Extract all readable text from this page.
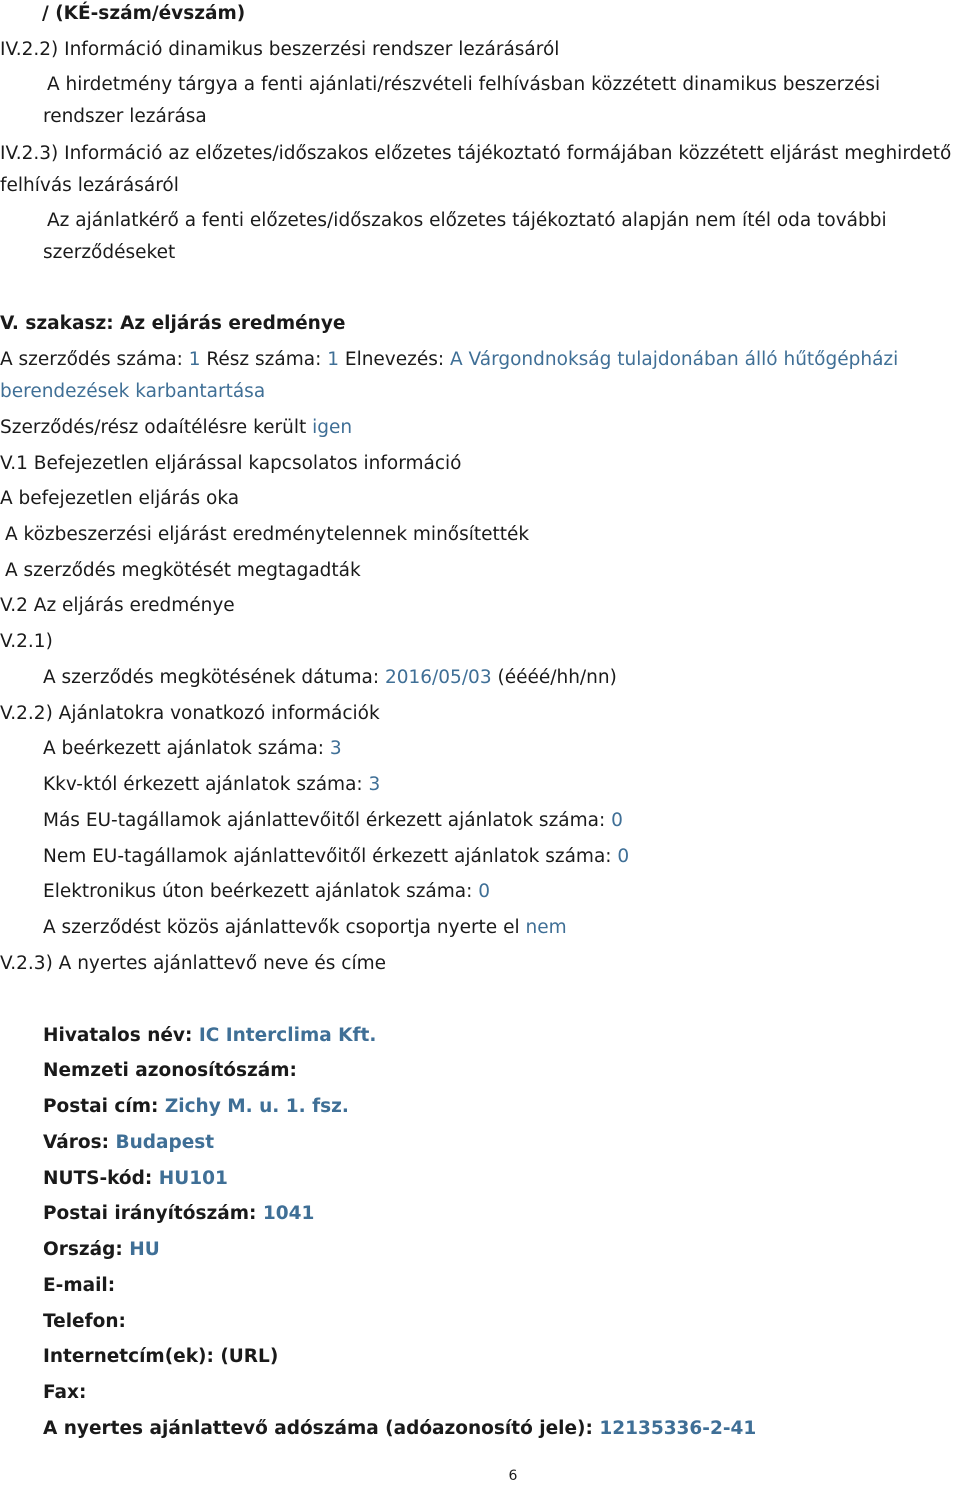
/ (KÉ-szám/évszám)
IV.2.2) Információ dinamikus beszerzési rendszer lezárásáról
A hirdetmény tárgya a fenti ajánlati/részvételi felhívásban közzétett dinamikus beszerzési
rendszer lezárása
IV.2.3) Információ az előzetes/időszakos előzetes tájékoztató formájában közzétett eljárást meghirdető
felhívás lezárásáról
Az ajánlatkérő a fenti előzetes/időszakos előzetes tájékoztató alapján nem ítél oda további
szerződéseket
V. szakasz: Az eljárás eredménye
A szerződés száma: 1 Rész száma: 1 Elnevezés: A Várgondnokság tulajdonában álló hűtőgépházi
berendezések karbantartása
Szerződés/rész odaítélésre került igen
V.1 Befejezetlen eljárással kapcsolatos információ
A befejezetlen eljárás oka
A közbeszerzési eljárást eredménytelennek minősítették
A szerződés megkötését megtagadták
V.2 Az eljárás eredménye
V.2.1)
A szerződés megkötésének dátuma: 2016/05/03 (éééé/hh/nn)
V.2.2) Ajánlatokra vonatkozó információk
A beérkezett ajánlatok száma: 3
Kkv-któl érkezett ajánlatok száma: 3
Más EU-tagállamok ajánlattevőitől érkezett ajánlatok száma: 0
Nem EU-tagállamok ajánlattevőitől érkezett ajánlatok száma: 0
Elektronikus úton beérkezett ajánlatok száma: 0
A szerződést közös ajánlattevők csoportja nyerte el nem
V.2.3) A nyertes ajánlattevő neve és címe
Hivatalos név: IC Interclima Kft.
Nemzeti azonosítószám:
Postai cím: Zichy M. u. 1. fsz.
Város: Budapest
NUTS-kód: HU101
Postai irányítószám: 1041
Ország: HU
E-mail:
Telefon:
Internetcím(ek): (URL)
Fax:
A nyertes ajánlattevő adószáma (adóazonosító jele): 12135336-2-41
6
